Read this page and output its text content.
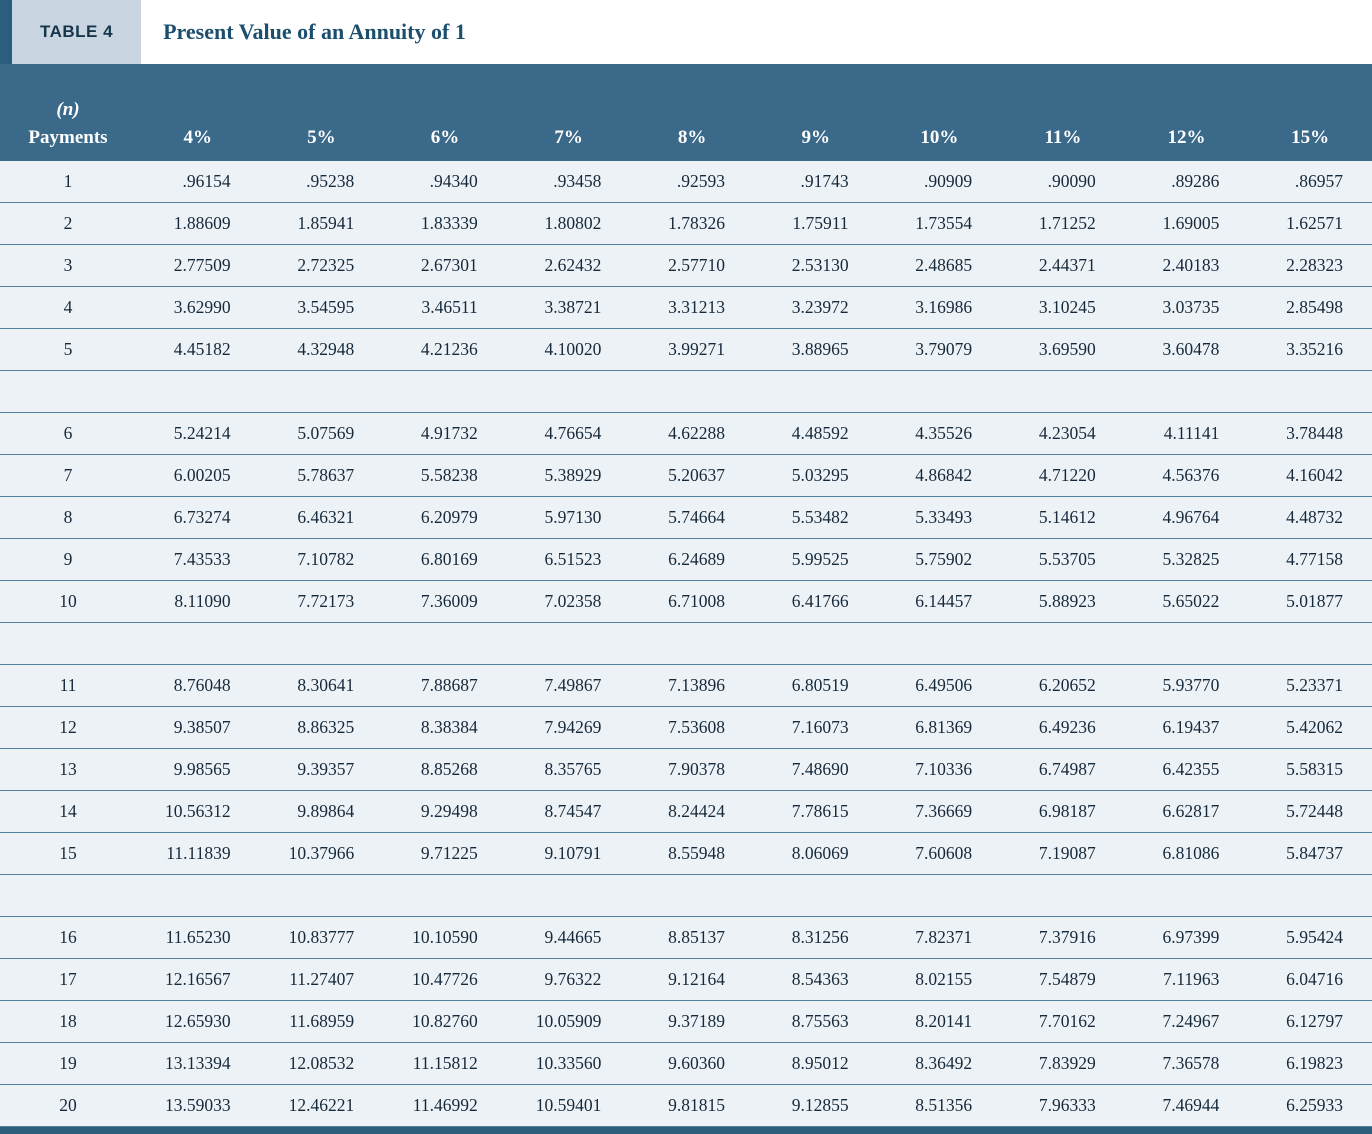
TABLE 4 Present Value of an Annuity of 1
(n)
Payments	4%	5%	6%	7%	8%	9%	10%	11%	12%	15%
1	.96154	.95238	.94340	.93458	.92593	.91743	.90909	.90090	.89286	.86957
2	1.88609	1.85941	1.83339	1.80802	1.78326	1.75911	1.73554	1.71252	1.69005	1.62571
3	2.77509	2.72325	2.67301	2.62432	2.57710	2.53130	2.48685	2.44371	2.40183	2.28323
4	3.62990	3.54595	3.46511	3.38721	3.31213	3.23972	3.16986	3.10245	3.03735	2.85498
5	4.45182	4.32948	4.21236	4.10020	3.99271	3.88965	3.79079	3.69590	3.60478	3.35216

6	5.24214	5.07569	4.91732	4.76654	4.62288	4.48592	4.35526	4.23054	4.11141	3.78448
7	6.00205	5.78637	5.58238	5.38929	5.20637	5.03295	4.86842	4.71220	4.56376	4.16042
8	6.73274	6.46321	6.20979	5.97130	5.74664	5.53482	5.33493	5.14612	4.96764	4.48732
9	7.43533	7.10782	6.80169	6.51523	6.24689	5.99525	5.75902	5.53705	5.32825	4.77158
10	8.11090	7.72173	7.36009	7.02358	6.71008	6.41766	6.14457	5.88923	5.65022	5.01877

11	8.76048	8.30641	7.88687	7.49867	7.13896	6.80519	6.49506	6.20652	5.93770	5.23371
12	9.38507	8.86325	8.38384	7.94269	7.53608	7.16073	6.81369	6.49236	6.19437	5.42062
13	9.98565	9.39357	8.85268	8.35765	7.90378	7.48690	7.10336	6.74987	6.42355	5.58315
14	10.56312	9.89864	9.29498	8.74547	8.24424	7.78615	7.36669	6.98187	6.62817	5.72448
15	11.11839	10.37966	9.71225	9.10791	8.55948	8.06069	7.60608	7.19087	6.81086	5.84737

16	11.65230	10.83777	10.10590	9.44665	8.85137	8.31256	7.82371	7.37916	6.97399	5.95424
17	12.16567	11.27407	10.47726	9.76322	9.12164	8.54363	8.02155	7.54879	7.11963	6.04716
18	12.65930	11.68959	10.82760	10.05909	9.37189	8.75563	8.20141	7.70162	7.24967	6.12797
19	13.13394	12.08532	11.15812	10.33560	9.60360	8.95012	8.36492	7.83929	7.36578	6.19823
20	13.59033	12.46221	11.46992	10.59401	9.81815	9.12855	8.51356	7.96333	7.46944	6.25933
